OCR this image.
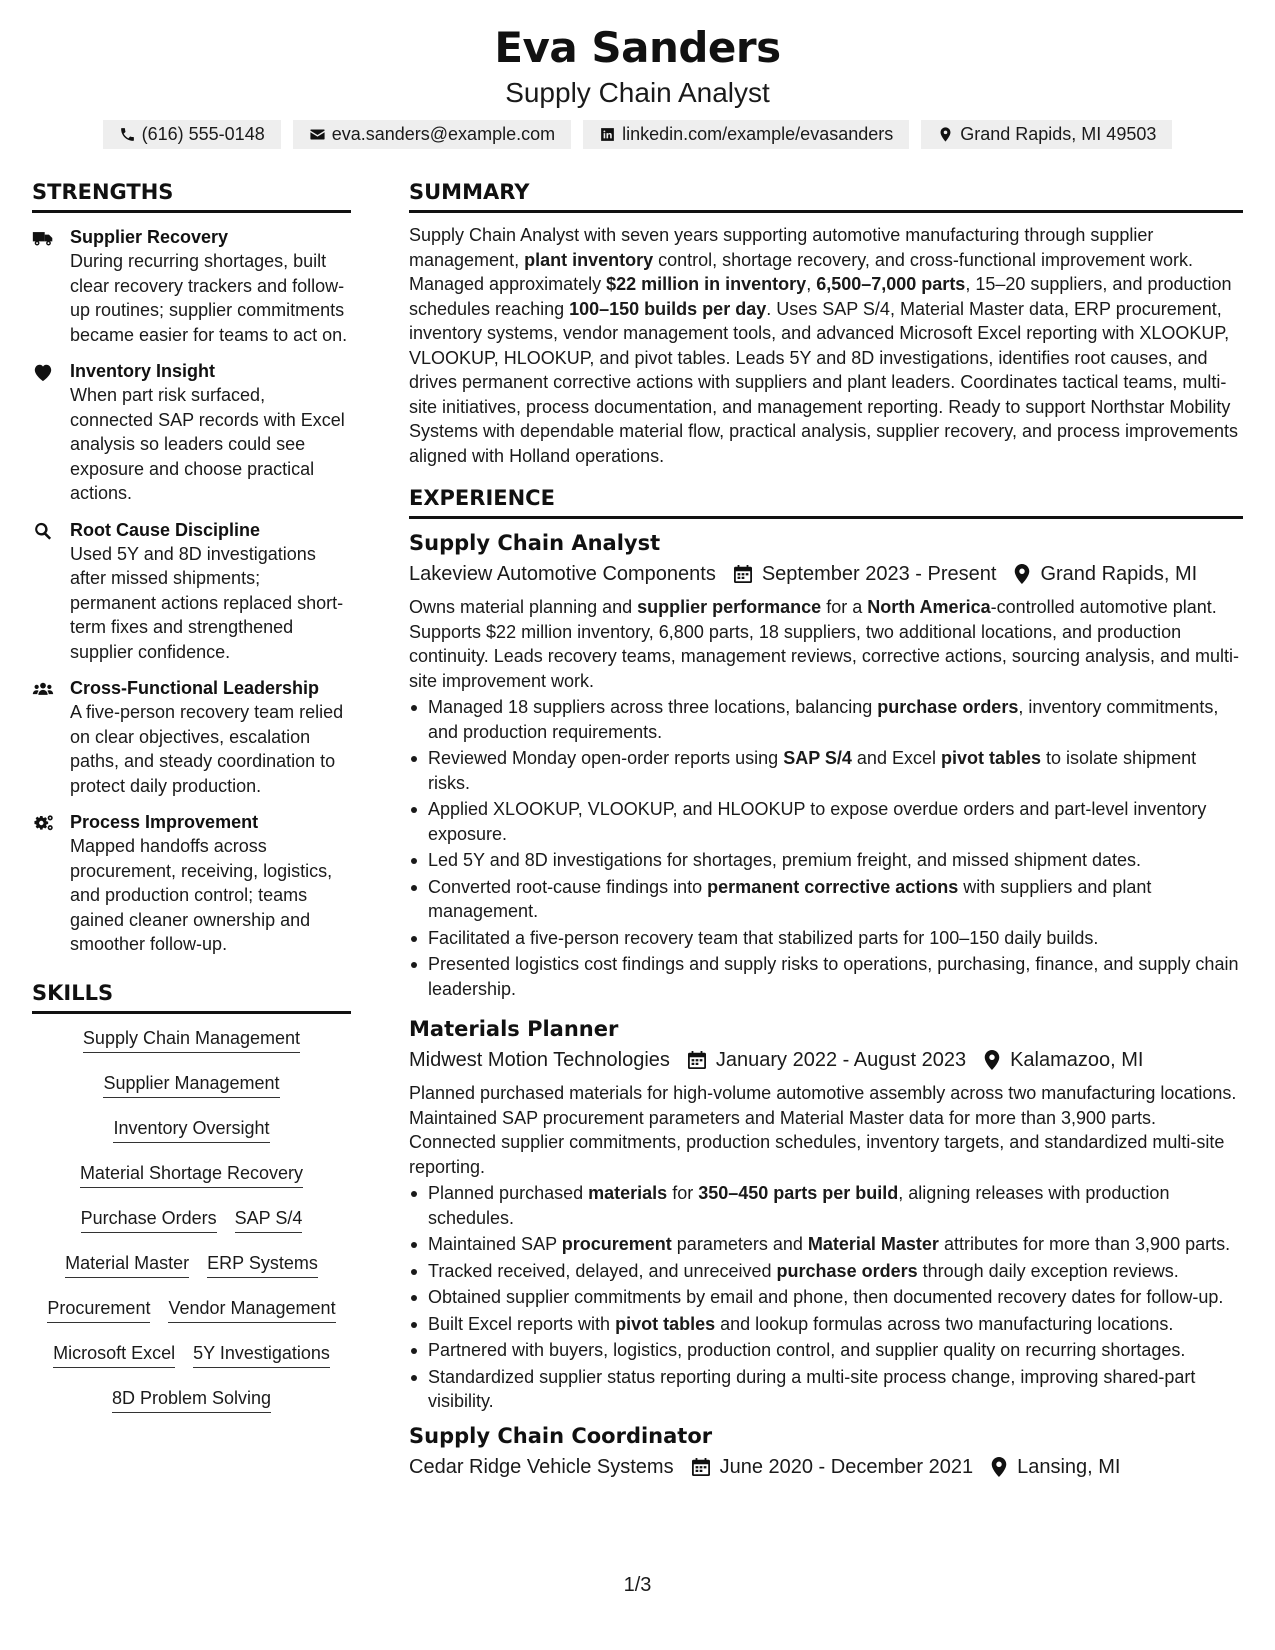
Eva Sanders
Supply Chain Analyst
(616) 555-0148	eva.sanders@example.com	linkedin.com/example/evasanders	Grand Rapids, MI 49503
STRENGTHS
Supplier Recovery
During recurring shortages, built clear recovery trackers and follow-up routines; supplier commitments became easier for teams to act on.
Inventory Insight
When part risk surfaced, connected SAP records with Excel analysis so leaders could see exposure and choose practical actions.
Root Cause Discipline
Used 5Y and 8D investigations after missed shipments; permanent actions replaced short-term fixes and strengthened supplier confidence.
Cross-Functional Leadership
A five-person recovery team relied on clear objectives, escalation paths, and steady coordination to protect daily production.
Process Improvement
Mapped handoffs across procurement, receiving, logistics, and production control; teams gained cleaner ownership and smoother follow-up.
SKILLS
Supply Chain Management
Supplier Management
Inventory Oversight
Material Shortage Recovery
Purchase Orders SAP S/4
Material Master ERP Systems
Procurement Vendor Management
Microsoft Excel 5Y Investigations
8D Problem Solving
SUMMARY

Supply Chain Analyst with seven years supporting automotive manufacturing through supplier management, plant inventory control, shortage recovery, and cross-functional improvement work. Managed approximately $22 million in inventory, 6,500–7,000 parts, 15–20 suppliers, and production schedules reaching 100–150 builds per day. Uses SAP S/4, Material Master data, ERP procurement, inventory systems, vendor management tools, and advanced Microsoft Excel reporting with XLOOKUP, VLOOKUP, HLOOKUP, and pivot tables. Leads 5Y and 8D investigations, identifies root causes, and drives permanent corrective actions with suppliers and plant leaders. Coordinates tactical teams, multi-site initiatives, process documentation, and management reporting. Ready to support Northstar Mobility Systems with dependable material flow, practical analysis, supplier recovery, and process improvements aligned with Holland operations.

EXPERIENCE
Supply Chain Analyst
Lakeview Automotive Components September 2023 - Present Grand Rapids, MI
Owns material planning and supplier performance for a North America-controlled automotive plant. Supports $22 million inventory, 6,800 parts, 18 suppliers, two additional locations, and production continuity. Leads recovery teams, management reviews, corrective actions, sourcing analysis, and multi-site improvement work.
Managed 18 suppliers across three locations, balancing purchase orders, inventory commitments, and production requirements.
Reviewed Monday open-order reports using SAP S/4 and Excel pivot tables to isolate shipment risks.
Applied XLOOKUP, VLOOKUP, and HLOOKUP to expose overdue orders and part-level inventory exposure.
Led 5Y and 8D investigations for shortages, premium freight, and missed shipment dates.
Converted root-cause findings into permanent corrective actions with suppliers and plant management.
Facilitated a five-person recovery team that stabilized parts for 100–150 daily builds.
Presented logistics cost findings and supply risks to operations, purchasing, finance, and supply chain leadership.
Materials Planner
Midwest Motion Technologies January 2022 - August 2023 Kalamazoo, MI
Planned purchased materials for high-volume automotive assembly across two manufacturing locations. Maintained SAP procurement parameters and Material Master data for more than 3,900 parts. Connected supplier commitments, production schedules, inventory targets, and standardized multi-site reporting.
Planned purchased materials for 350–450 parts per build, aligning releases with production schedules.
Maintained SAP procurement parameters and Material Master attributes for more than 3,900 parts.
Tracked received, delayed, and unreceived purchase orders through daily exception reviews.
Obtained supplier commitments by email and phone, then documented recovery dates for follow-up.
Built Excel reports with pivot tables and lookup formulas across two manufacturing locations.
Partnered with buyers, logistics, production control, and supplier quality on recurring shortages.
Standardized supplier status reporting during a multi-site process change, improving shared-part visibility.
Supply Chain Coordinator
Cedar Ridge Vehicle Systems June 2020 - December 2021 Lansing, MI
1/3
